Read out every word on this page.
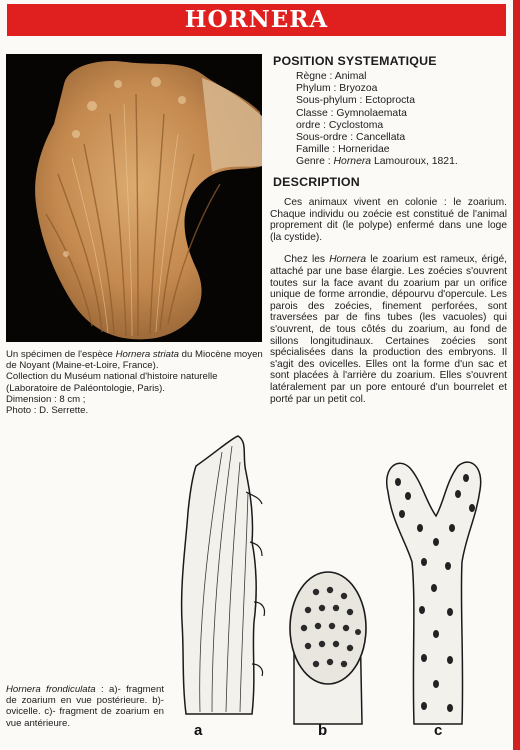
HORNERA

Un spécimen de l'espèce Hornera striata du Miocène moyen de Noyant (Maine-et-Loire, France).

Collection du Muséum national d'histoire naturelle (Laboratoire de Paléontologie, Paris).

Dimension : 8 cm ;

Photo : D. Serrette.

POSITION SYSTEMATIQUE
Règne : Animal
Phylum : Bryozoa
Sous-phylum : Ectoprocta
Classe : Gymnolaemata
ordre : Cyclostoma
Sous-ordre : Cancellata
Famille : Horneridae
Genre : Hornera Lamouroux, 1821.
DESCRIPTION

Ces animaux vivent en colonie : le zoarium. Chaque individu ou zoécie est constitué de l'animal proprement dit (le polype) enfermé dans une loge (la cystide).

Chez les Hornera le zoarium est rameux, érigé, attaché par une base élargie. Les zoécies s'ouvrent toutes sur la face avant du zoarium par un orifice unique de forme arrondie, dépourvu d'opercule. Les parois des zoécies, finement perforées, sont traversées par de fins tubes (les vacuoles) qui s'ouvrent, de tous côtés du zoarium, au fond de sillons longitudinaux. Certaines zoécies sont spécialisées dans la production des embryons. Il s'agit des ovicelles. Elles ont la forme d'un sac et sont placées à l'arrière du zoarium. Elles s'ouvrent latéralement par un pore entouré d'un bourrelet et porté par un petit col.

a	b	c

Hornera frondiculata : a)- fragment de zoarium en vue postérieure. b)- ovicelle. c)- fragment de zoarium en vue antérieure.
